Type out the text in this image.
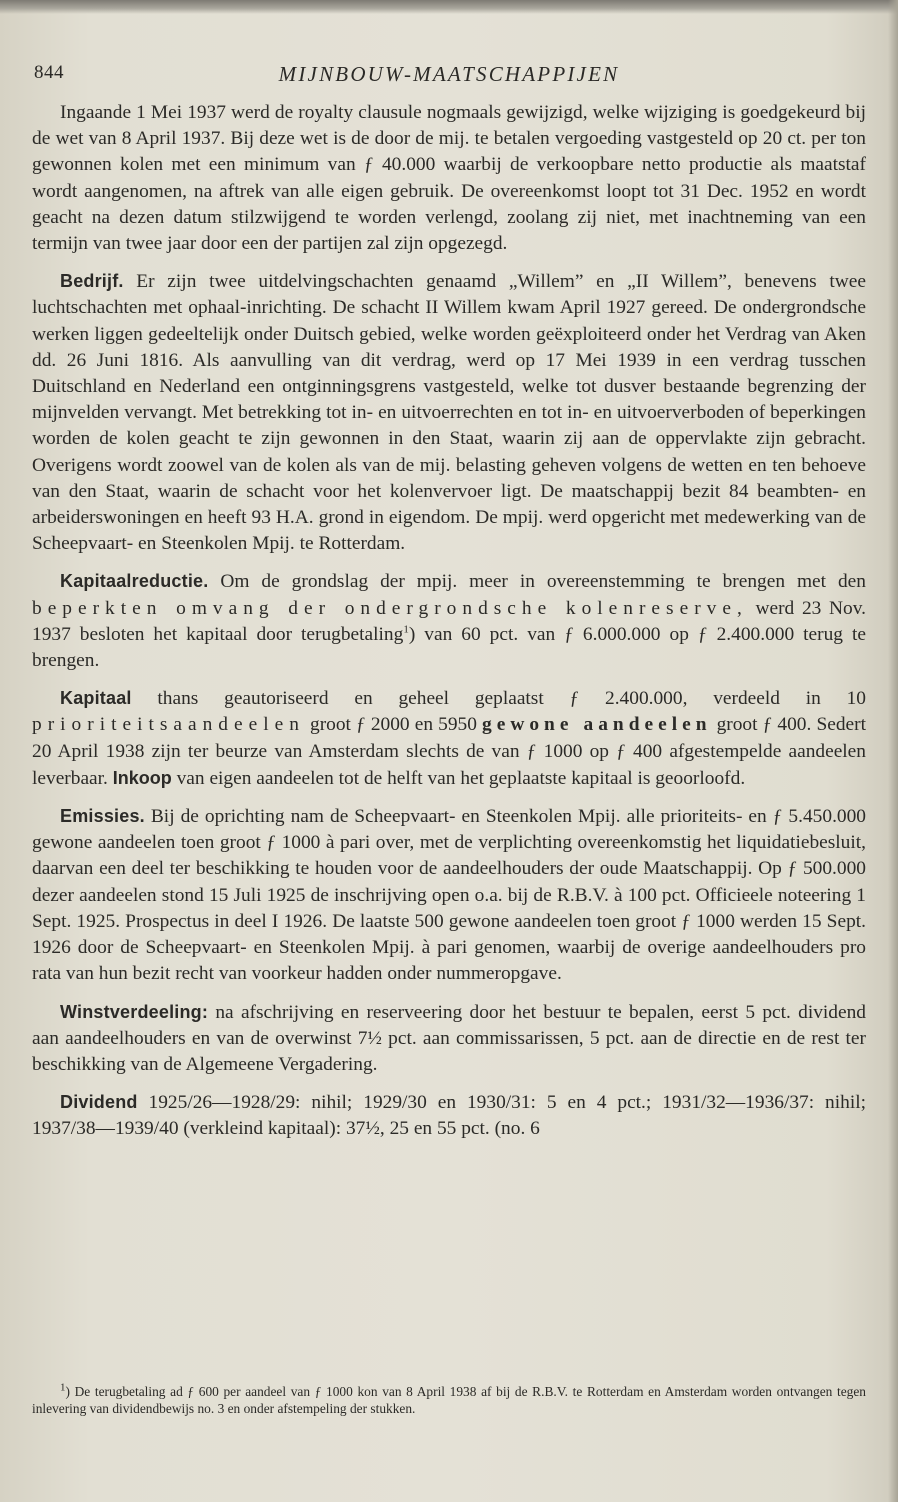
844	MIJNBOUW-MAATSCHAPPIJEN

Ingaande 1 Mei 1937 werd de royalty clausule nogmaals gewijzigd, welke wijziging is goedgekeurd bij de wet van 8 April 1937. Bij deze wet is de door de mij. te betalen vergoeding vastgesteld op 20 ct. per ton gewonnen kolen met een minimum van ƒ 40.000 waarbij de verkoopbare netto productie als maatstaf wordt aangenomen, na aftrek van alle eigen gebruik. De overeenkomst loopt tot 31 Dec. 1952 en wordt geacht na dezen datum stilzwijgend te worden verlengd, zoolang zij niet, met inachtneming van een termijn van twee jaar door een der partijen zal zijn opgezegd.

Bedrijf. Er zijn twee uitdelvingschachten genaamd „Willem” en „II Willem”, benevens twee luchtschachten met ophaal-inrichting. De schacht II Willem kwam April 1927 gereed. De ondergrondsche werken liggen gedeeltelijk onder Duitsch gebied, welke worden geëxploiteerd onder het Verdrag van Aken dd. 26 Juni 1816. Als aanvulling van dit verdrag, werd op 17 Mei 1939 in een verdrag tusschen Duitschland en Nederland een ontginningsgrens vastgesteld, welke tot dusver bestaande begrenzing der mijnvelden vervangt. Met betrekking tot in- en uitvoerrechten en tot in- en uitvoerverboden of beperkingen worden de kolen geacht te zijn gewonnen in den Staat, waarin zij aan de oppervlakte zijn gebracht. Overigens wordt zoowel van de kolen als van de mij. belasting geheven volgens de wetten en ten behoeve van den Staat, waarin de schacht voor het kolenvervoer ligt. De maatschappij bezit 84 beambten- en arbeiderswoningen en heeft 93 H.A. grond in eigendom. De mpij. werd opgericht met medewerking van de Scheepvaart- en Steenkolen Mpij. te Rotterdam.

Kapitaalreductie. Om de grondslag der mpij. meer in overeenstemming te brengen met den beperkten omvang der ondergrondsche kolenreserve, werd 23 Nov. 1937 besloten het kapitaal door terugbetaling$^1$) van 60 pct. van ƒ 6.000.000 op ƒ 2.400.000 terug te brengen.

Kapitaal thans geautoriseerd en geheel geplaatst ƒ 2.400.000, verdeeld in 10 prioriteitsaandeelen groot ƒ 2000 en 5950 gewone aandeelen groot ƒ 400. Sedert 20 April 1938 zijn ter beurze van Amsterdam slechts de van ƒ 1000 op ƒ 400 afgestempelde aandeelen leverbaar. Inkoop van eigen aandeelen tot de helft van het geplaatste kapitaal is geoorloofd.

Emissies. Bij de oprichting nam de Scheepvaart- en Steenkolen Mpij. alle prioriteits- en ƒ 5.450.000 gewone aandeelen toen groot ƒ 1000 à pari over, met de verplichting overeenkomstig het liquidatiebesluit, daarvan een deel ter beschikking te houden voor de aandeelhouders der oude Maatschappij. Op ƒ 500.000 dezer aandeelen stond 15 Juli 1925 de inschrijving open o.a. bij de R.B.V. à 100 pct. Officieele noteering 1 Sept. 1925. Prospectus in deel I 1926. De laatste 500 gewone aandeelen toen groot ƒ 1000 werden 15 Sept. 1926 door de Scheepvaart- en Steenkolen Mpij. à pari genomen, waarbij de overige aandeelhouders pro rata van hun bezit recht van voorkeur hadden onder nummeropgave.

Winstverdeeling: na afschrijving en reserveering door het bestuur te bepalen, eerst 5 pct. dividend aan aandeelhouders en van de overwinst 7½ pct. aan commissarissen, 5 pct. aan de directie en de rest ter beschikking van de Algemeene Vergadering.

Dividend 1925/26—1928/29: nihil; 1929/30 en 1930/31: 5 en 4 pct.; 1931/32—1936/37: nihil; 1937/38—1939/40 (verkleind kapitaal): 37½, 25 en 55 pct. (no. 6

$^1$) De terugbetaling ad ƒ 600 per aandeel van ƒ 1000 kon van 8 April 1938 af bij de R.B.V. te Rotterdam en Amsterdam worden ontvangen tegen inlevering van dividendbewijs no. 3 en onder afstempeling der stukken.
